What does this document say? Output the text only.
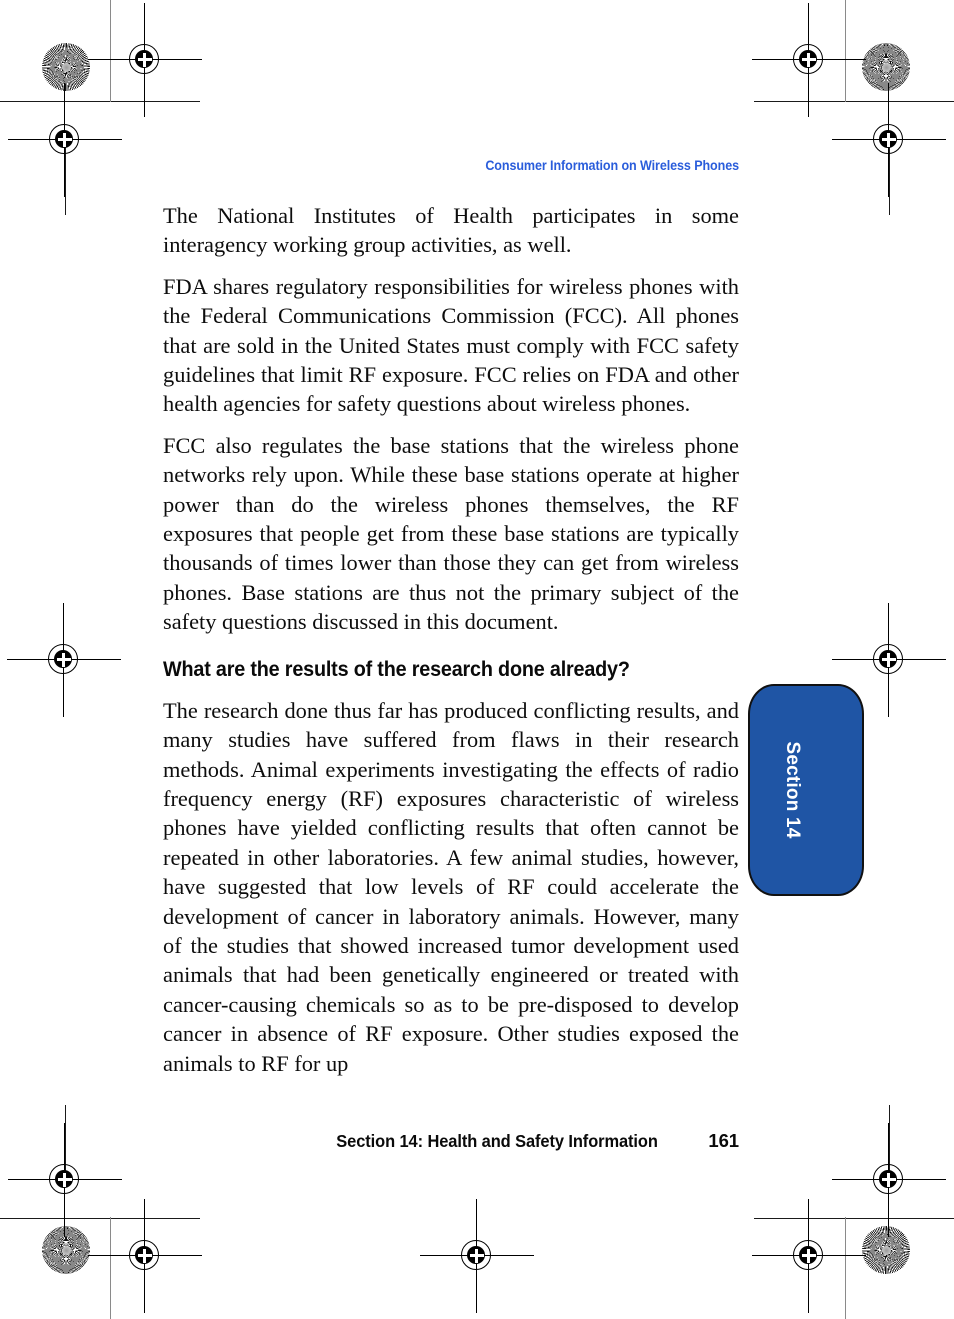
Consumer Information on Wireless Phones

The National Institutes of Health participates in some interagency working group activities, as well.

FDA shares regulatory responsibilities for wireless phones with the Federal Communications Commission (FCC). All phones that are sold in the United States must comply with FCC safety guidelines that limit RF exposure. FCC relies on FDA and other health agencies for safety questions about wireless phones.

FCC also regulates the base stations that the wireless phone networks rely upon. While these base stations operate at higher power than do the wireless phones themselves, the RF exposures that people get from these base stations are typically thousands of times lower than those they can get from wireless phones. Base stations are thus not the primary subject of the safety questions discussed in this document.

What are the results of the research done already?

The research done thus far has produced conflicting results, and many studies have suffered from flaws in their research methods. Animal experiments investigating the effects of radio frequency energy (RF) exposures characteristic of wireless phones have yielded conflicting results that often cannot be repeated in other laboratories. A few animal studies, however, have suggested that low levels of RF could accelerate the development of cancer in laboratory animals. However, many of the studies that showed increased tumor development used animals that had been genetically engineered or treated with cancer-causing chemicals so as to be pre-disposed to develop cancer in absence of RF exposure. Other studies exposed the animals to RF for up

Section 14
Section 14: Health and Safety Information	161
